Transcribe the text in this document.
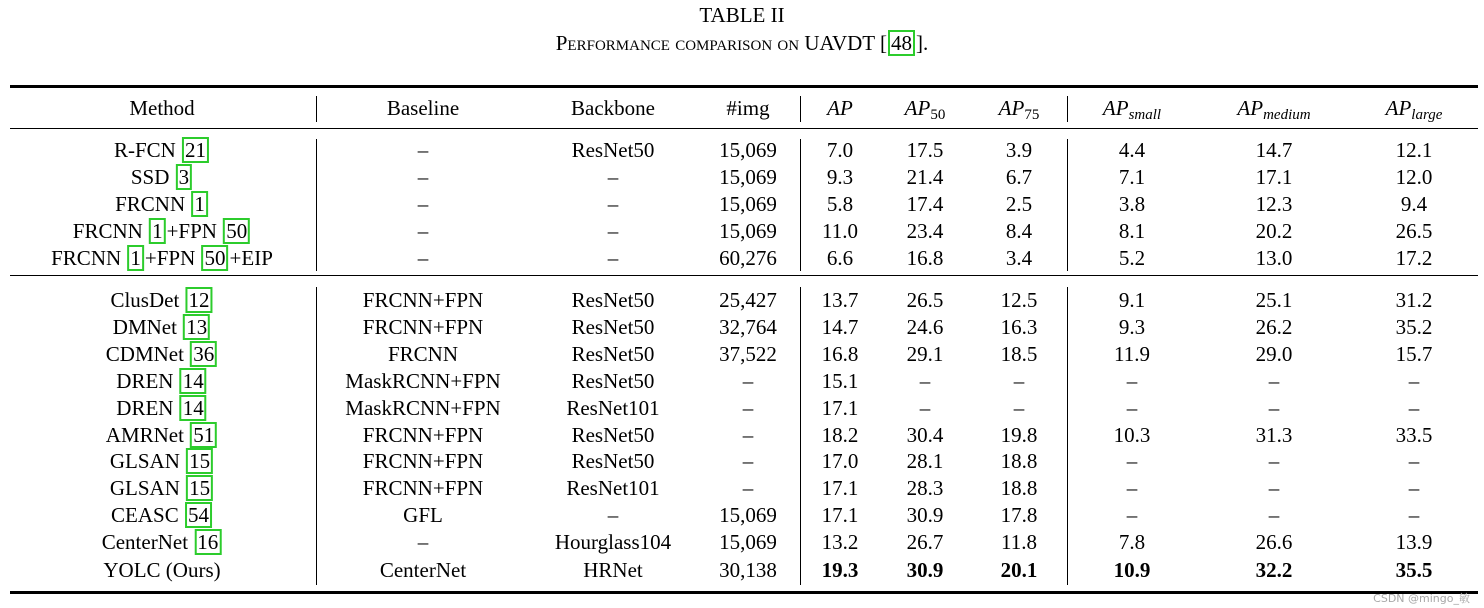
TABLE II
Performance comparison on UAVDT [ 48 ].
Method	Baseline	Backbone	#img	AP $AP_{50}$	$AP_{75}$	$AP_{small}$	$AP_{medium}$	$AP_{large}$
R-FCN 21	–	ResNet50	15,069 7.0	17.5	3.9	4.4	14.7	12.1
SSD 3	–	–	15,069 9.3	21.4	6.7	7.1	17.1	12.0
FRCNN 1	–	–	15,069 5.8	17.4	2.5	3.8	12.3	9.4
FRCNN 1 +FPN 50	–	–	15,069 11.0 23.4	8.4	8.1	20.2	26.5
FRCNN 1 +FPN 50 +EIP	–	–	60,276 6.6	16.8	3.4	5.2	13.0	17.2
ClusDet 12	FRCNN+FPN	ResNet50	25,427 13.7 26.5	12.5	9.1	25.1	31.2
DMNet 13	FRCNN+FPN	ResNet50	32,764 14.7 24.6	16.3	9.3	26.2	35.2
CDMNet 36	FRCNN	ResNet50	37,522 16.8 29.1	18.5	11.9	29.0	15.7
DREN 14	MaskRCNN+FPN	ResNet50	–	15.1	–	–	–	–	–
DREN 14	MaskRCNN+FPN	ResNet101	–	17.1	–	–	–	–	–
AMRNet 51	FRCNN+FPN	ResNet50	–	18.2 30.4	19.8	10.3	31.3	33.5
GLSAN 15	FRCNN+FPN	ResNet50	–	17.0 28.1	18.8	–	–	–
GLSAN 15	FRCNN+FPN	ResNet101	–	17.1 28.3	18.8	–	–	–
CEASC 54	GFL	–	15,069 17.1 30.9	17.8	–	–	–
CenterNet 16	–	Hourglass104 15,069 13.2 26.7	11.8	7.8	26.6	13.9
YOLC (Ours)	CenterNet	HRNet	30,138 19.3 30.9	20.1	10.9	32.2	35.5
CSDN @mingo_敏
